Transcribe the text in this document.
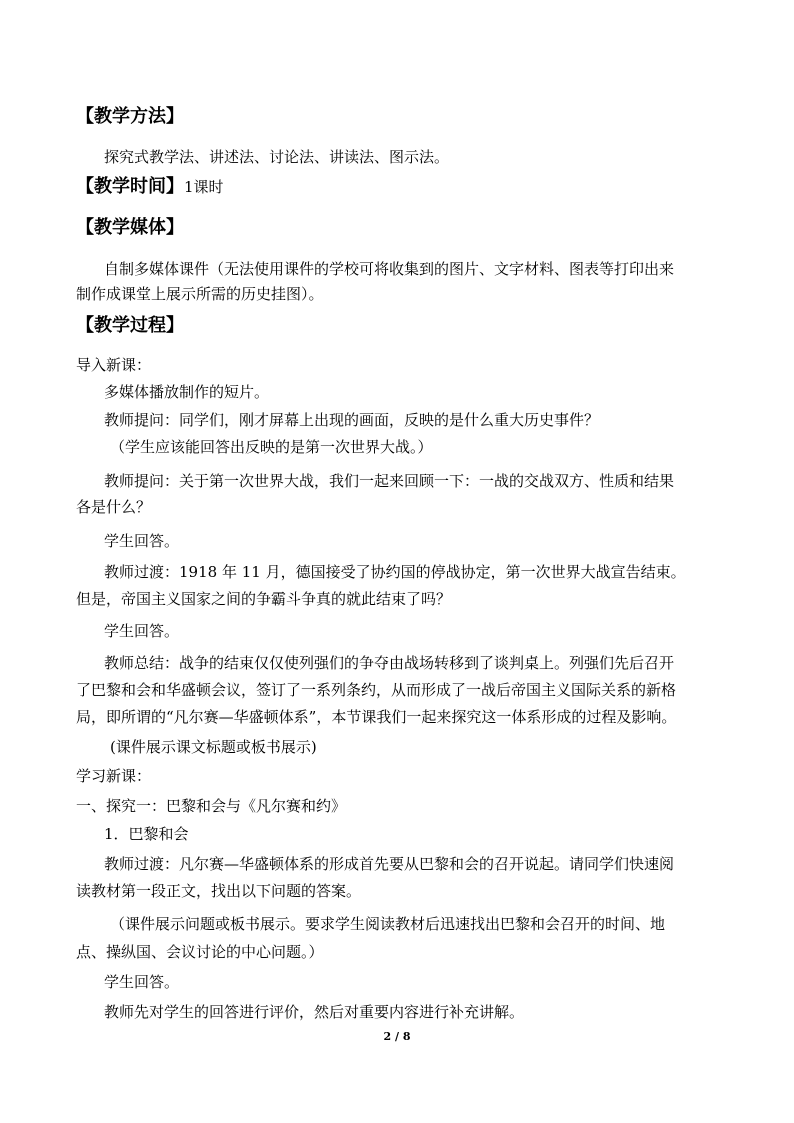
【教学方法】
探究式教学法、讲述法、讨论法、讲读法、图示法。
【教学时间】1课时
【教学媒体】
自制多媒体课件（无法使用课件的学校可将收集到的图片、文字材料、图表等打印出来
制作成课堂上展示所需的历史挂图）。
【教学过程】
导入新课：
多媒体播放制作的短片。
教师提问：同学们，刚才屏幕上出现的画面，反映的是什么重大历史事件？
（学生应该能回答出反映的是第一次世界大战。）
教师提问：关于第一次世界大战，我们一起来回顾一下：一战的交战双方、性质和结果
各是什么？
学生回答。
教师过渡：1918 年 11 月，德国接受了协约国的停战协定，第一次世界大战宣告结束。
但是，帝国主义国家之间的争霸斗争真的就此结束了吗？
学生回答。
教师总结：战争的结束仅仅使列强们的争夺由战场转移到了谈判桌上。列强们先后召开
了巴黎和会和华盛顿会议，签订了一系列条约，从而形成了一战后帝国主义国际关系的新格
局，即所谓的“凡尔赛—华盛顿体系”，本节课我们一起来探究这一体系形成的过程及影响。
(课件展示课文标题或板书展示)
学习新课：
一、探究一：巴黎和会与《凡尔赛和约》
1．巴黎和会
教师过渡：凡尔赛—华盛顿体系的形成首先要从巴黎和会的召开说起。请同学们快速阅
读教材第一段正文，找出以下问题的答案。
（课件展示问题或板书展示。要求学生阅读教材后迅速找出巴黎和会召开的时间、地
点、操纵国、会议讨论的中心问题。）
学生回答。
教师先对学生的回答进行评价，然后对重要内容进行补充讲解。
2 / 8
